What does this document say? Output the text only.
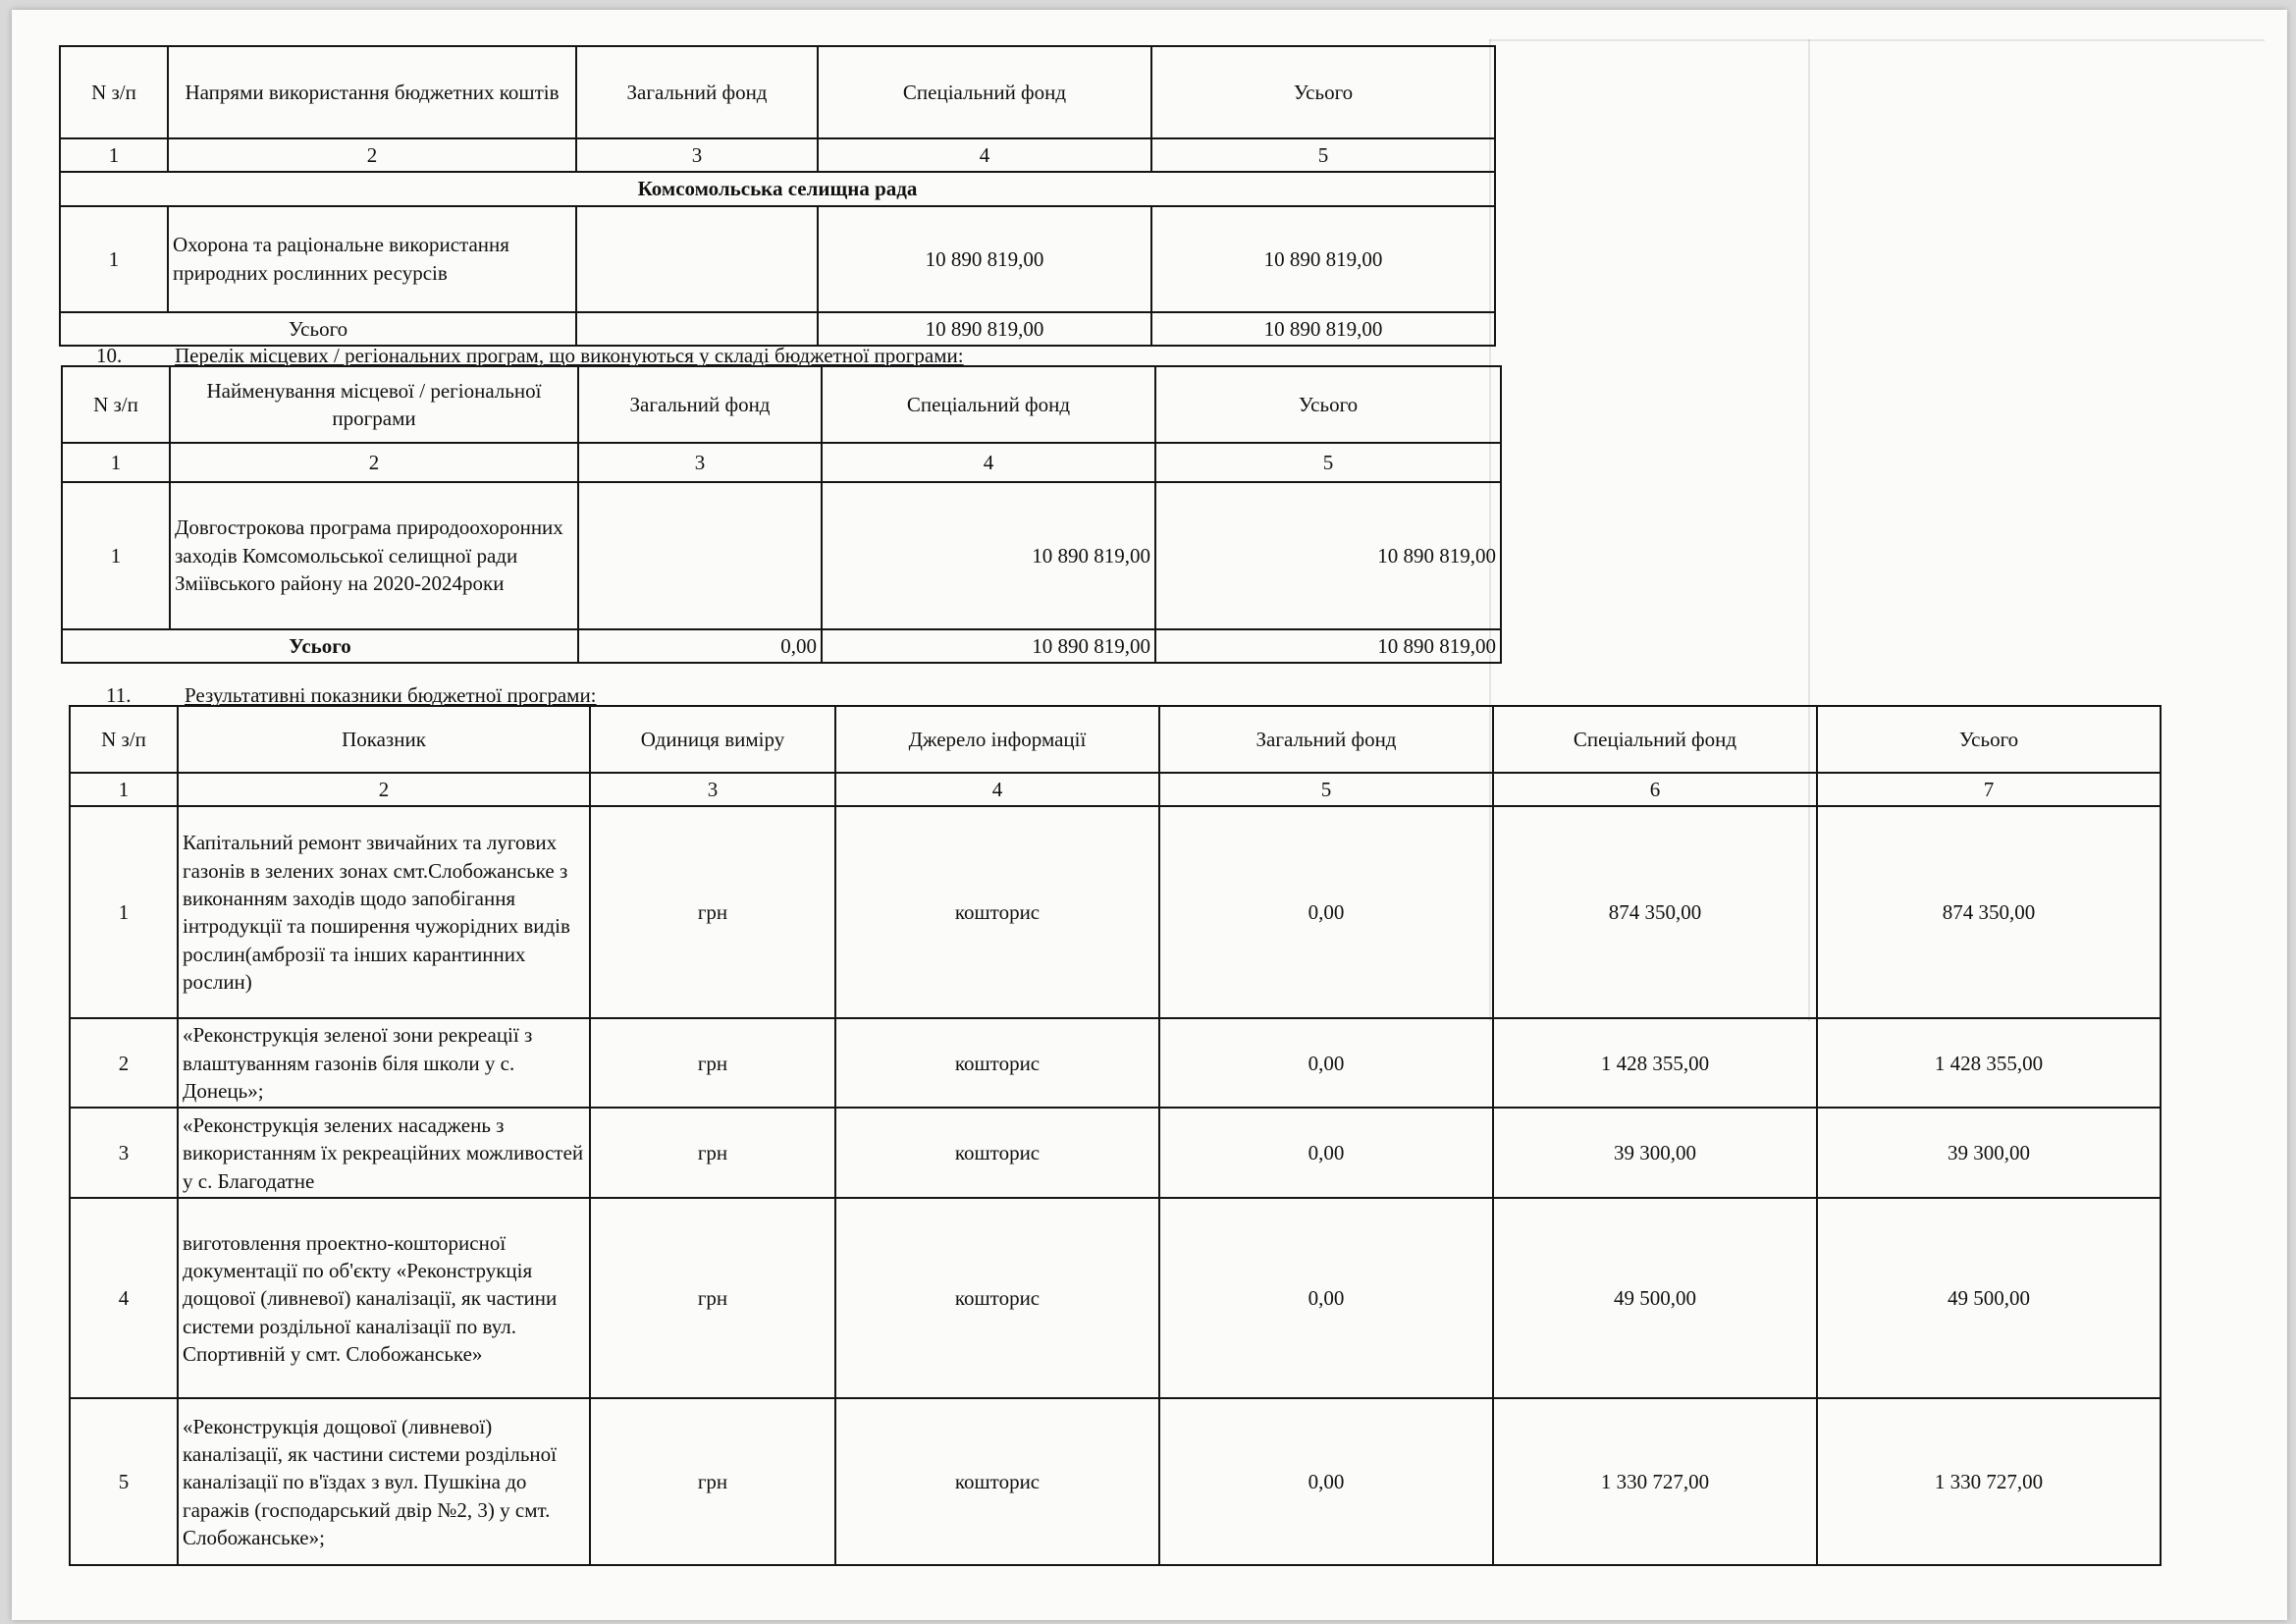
N з/п	Напрями використання бюджетних коштів	Загальний фонд	Спеціальний фонд	Усього
1	2	3	4	5
Комсомольська селищна рада				
1	Охорона та раціональне використання природних рослинних ресурсів		10 890 819,00	10 890 819,00
Усього			10 890 819,00	10 890 819,00
10.	Перелік місцевих / регіональних програм, що виконуються у складі бюджетної програми:
N з/п	Найменування місцевої / регіональної програми	Загальний фонд	Спеціальний фонд	Усього
1	2	3	4	5
1	Довгострокова програма природоохоронних заходів Комсомольської селищної ради Зміївського району на 2020-2024роки		10 890 819,00	10 890 819,00
Усього		0,00	10 890 819,00	10 890 819,00
11.	Результативні показники бюджетної програми:
N з/п	Показник	Одиниця виміру	Джерело інформації	Загальний фонд	Спеціальний фонд	Усього
1	2	3	4	5	6	7
1	Капітальний ремонт звичайних та лугових газонів в зелених зонах смт.Слобожанське з виконанням заходів щодо запобігання інтродукції та поширення чужорідних видів рослин(амброзії та інших карантинних рослин)	грн	кошторис	0,00	874 350,00	874 350,00
2	«Реконструкція зеленої зони рекреації з влаштуванням газонів біля школи у с. Донець»;	грн	кошторис	0,00	1 428 355,00	1 428 355,00
3	«Реконструкція зелених насаджень з використанням їх рекреаційних можливостей у с. Благодатне	грн	кошторис	0,00	39 300,00	39 300,00
4	виготовлення проектно-кошторисної документації по об'єкту «Реконструкція дощової (ливневої) каналізації, як частини системи роздільної каналізації по вул. Спортивній у смт. Слобожанське»	грн	кошторис	0,00	49 500,00	49 500,00
5	«Реконструкція дощової (ливневої) каналізації, як частини системи роздільної каналізації по в'їздах з вул. Пушкіна до гаражів (господарський двір №2, 3) у смт. Слобожанське»;	грн	кошторис	0,00	1 330 727,00	1 330 727,00
